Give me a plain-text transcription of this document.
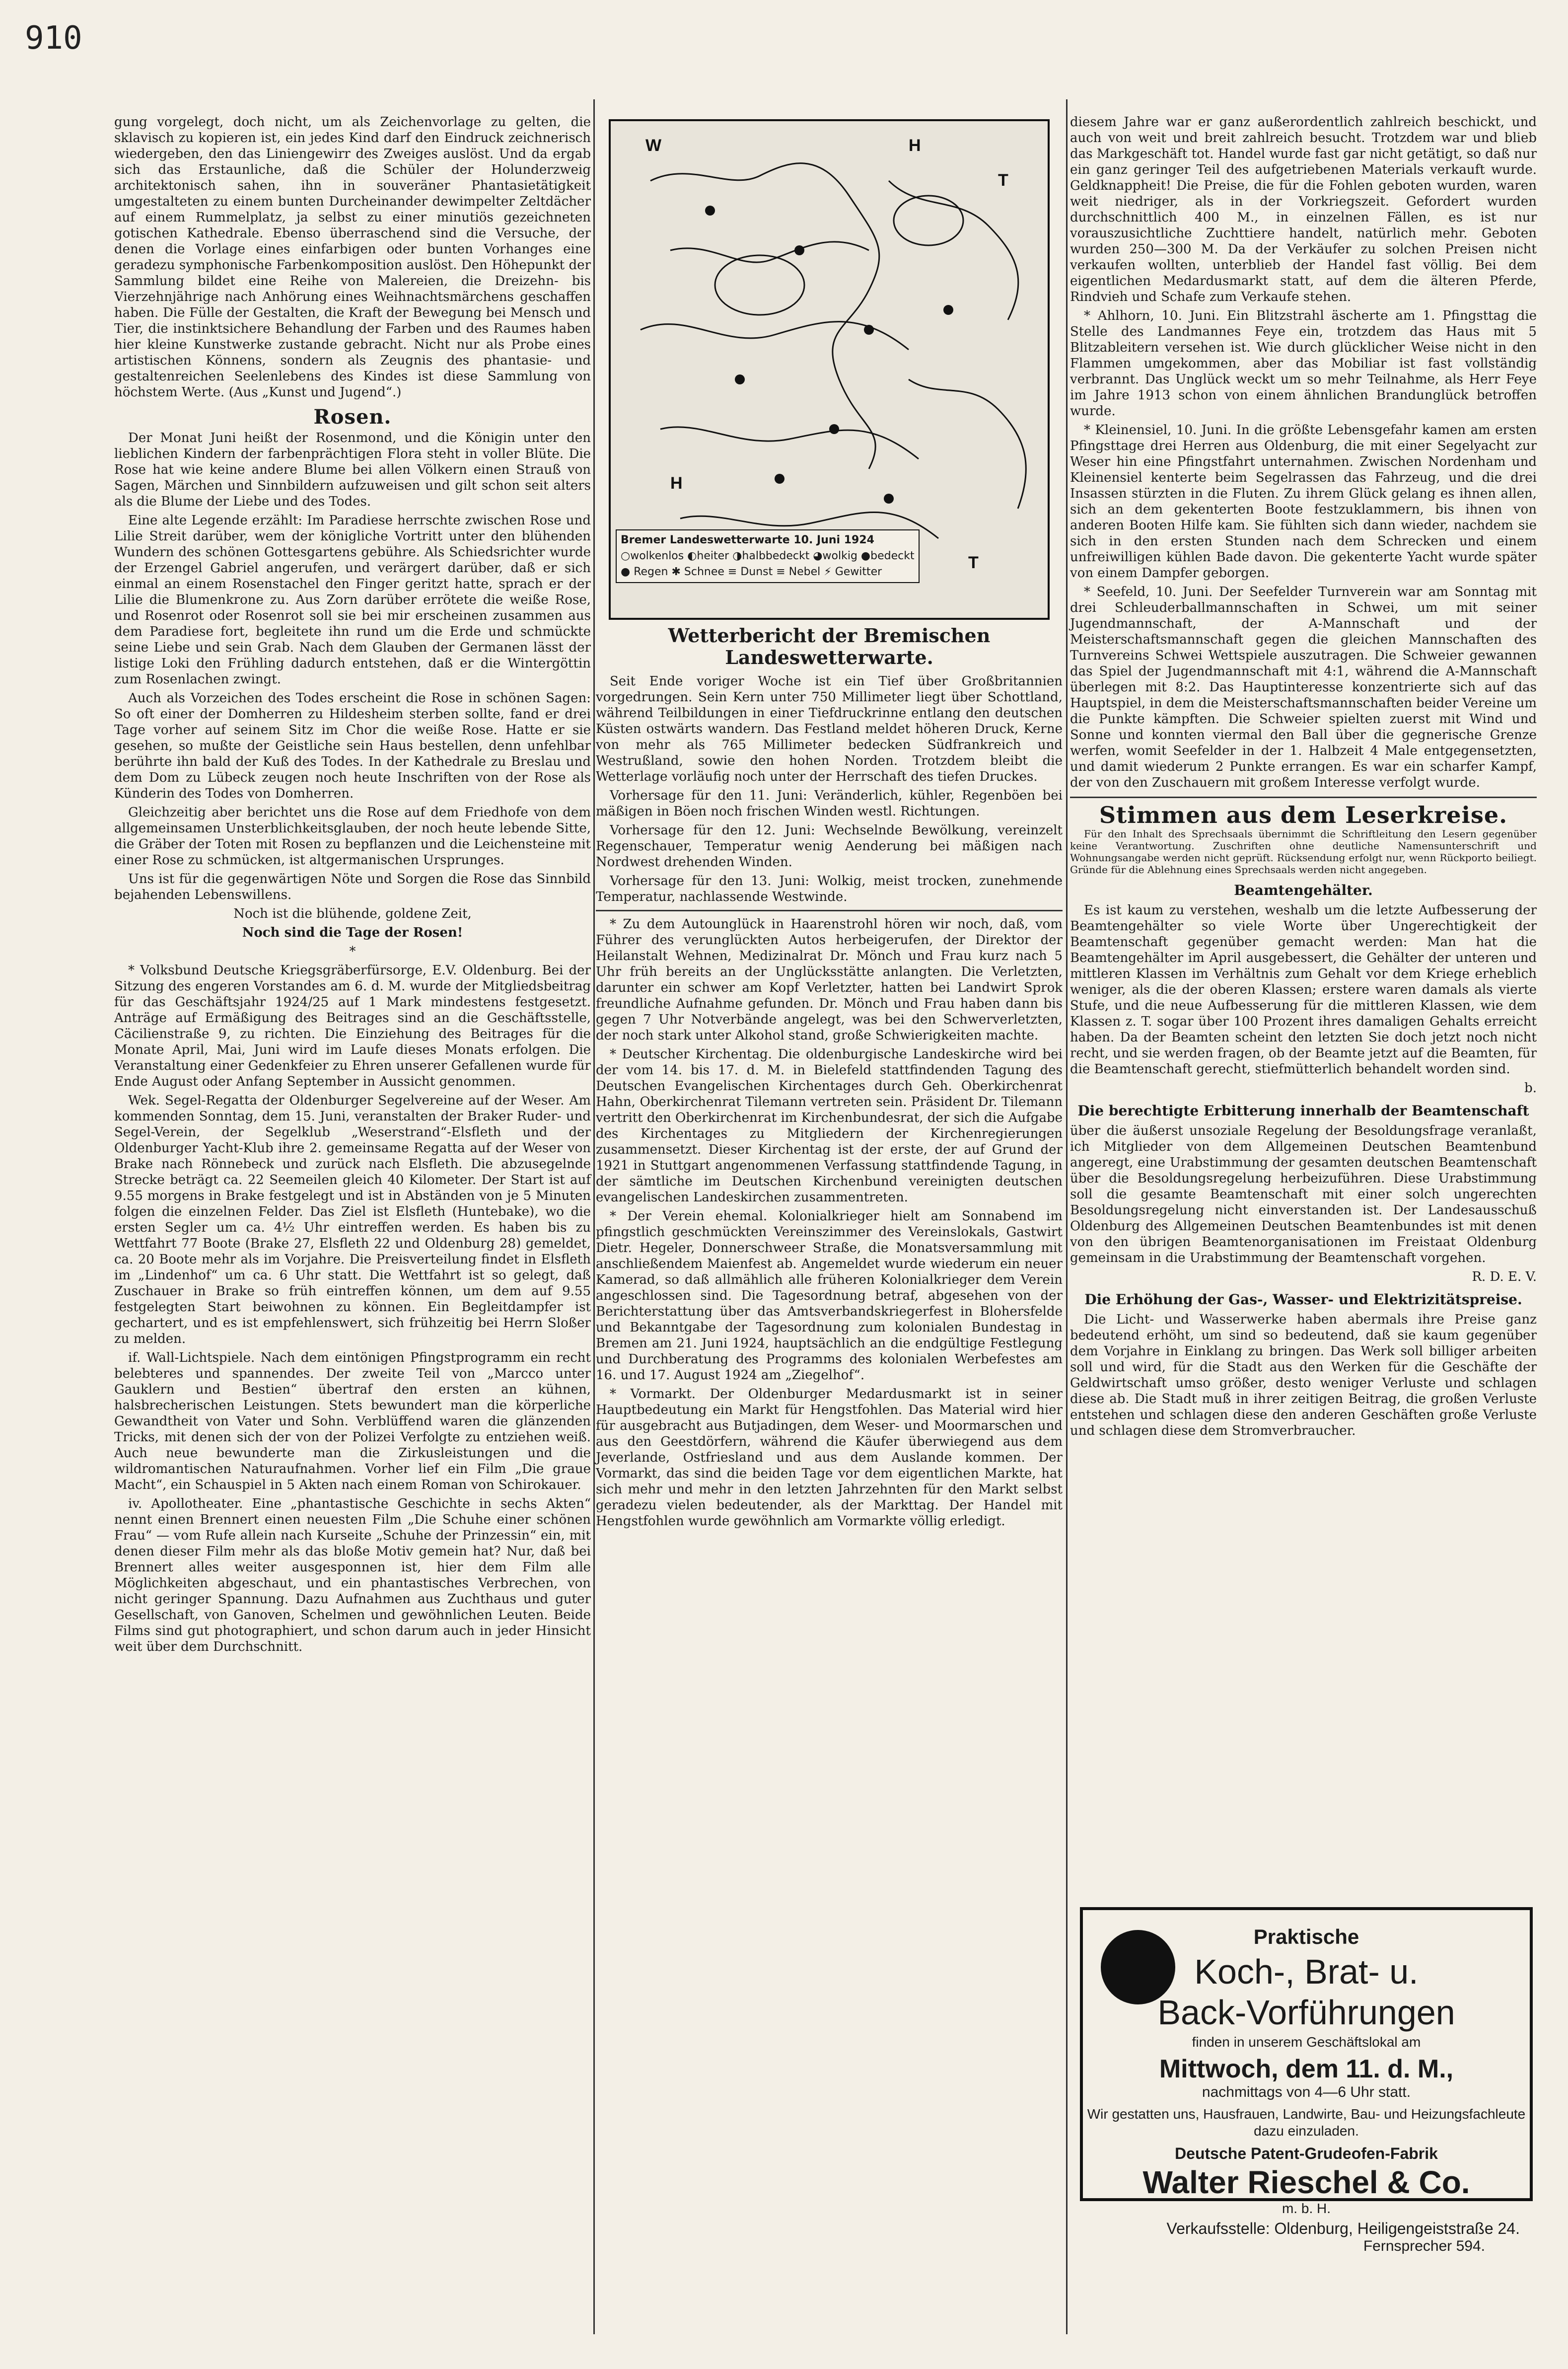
910

gung vorgelegt, doch nicht, um als Zeichenvorlage zu gelten, die sklavisch zu kopieren ist, ein jedes Kind darf den Eindruck zeichnerisch wiedergeben, den das Liniengewirr des Zweiges auslöst. Und da ergab sich das Erstaunliche, daß die Schüler der Holunderzweig architektonisch sahen, ihn in souveräner Phantasietätigkeit umgestalteten zu einem bunten Durcheinander dewimpelter Zeltdächer auf einem Rummelplatz, ja selbst zu einer minutiös gezeichneten gotischen Kathedrale. Ebenso überraschend sind die Versuche, der denen die Vorlage eines einfarbigen oder bunten Vorhanges eine geradezu symphonische Farbenkomposition auslöst. Den Höhepunkt der Sammlung bildet eine Reihe von Malereien, die Dreizehn- bis Vierzehnjährige nach Anhörung eines Weihnachtsmärchens geschaffen haben. Die Fülle der Gestalten, die Kraft der Bewegung bei Mensch und Tier, die instinktsichere Behandlung der Farben und des Raumes haben hier kleine Kunstwerke zustande gebracht. Nicht nur als Probe eines artistischen Könnens, sondern als Zeugnis des phantasie- und gestaltenreichen Seelenlebens des Kindes ist diese Sammlung von höchstem Werte. (Aus „Kunst und Jugend“.)

Rosen.

Der Monat Juni heißt der Rosenmond, und die Königin unter den lieblichen Kindern der farbenprächtigen Flora steht in voller Blüte. Die Rose hat wie keine andere Blume bei allen Völkern einen Strauß von Sagen, Märchen und Sinnbildern aufzuweisen und gilt schon seit alters als die Blume der Liebe und des Todes.

Eine alte Legende erzählt: Im Paradiese herrschte zwischen Rose und Lilie Streit darüber, wem der königliche Vortritt unter den blühenden Wundern des schönen Gottesgartens gebühre. Als Schiedsrichter wurde der Erzengel Gabriel angerufen, und verärgert darüber, daß er sich einmal an einem Rosenstachel den Finger geritzt hatte, sprach er der Lilie die Blumenkrone zu. Aus Zorn darüber errötete die weiße Rose, und Rosenrot oder Rosenrot soll sie bei mir erscheinen zusammen aus dem Paradiese fort, begleitete ihn rund um die Erde und schmückte seine Liebe und sein Grab. Nach dem Glauben der Germanen lässt der listige Loki den Frühling dadurch entstehen, daß er die Wintergöttin zum Rosenlachen zwingt.

Auch als Vorzeichen des Todes erscheint die Rose in schönen Sagen: So oft einer der Domherren zu Hildesheim sterben sollte, fand er drei Tage vorher auf seinem Sitz im Chor die weiße Rose. Hatte er sie gesehen, so mußte der Geistliche sein Haus bestellen, denn unfehlbar berührte ihn bald der Kuß des Todes. In der Kathedrale zu Breslau und dem Dom zu Lübeck zeugen noch heute Inschriften von der Rose als Künderin des Todes von Domherren.

Gleichzeitig aber berichtet uns die Rose auf dem Friedhofe von dem allgemeinsamen Unsterblichkeitsglauben, der noch heute lebende Sitte, die Gräber der Toten mit Rosen zu bepflanzen und die Leichensteine mit einer Rose zu schmücken, ist altgermanischen Ursprunges.

Uns ist für die gegenwärtigen Nöte und Sorgen die Rose das Sinnbild bejahenden Lebenswillens.

Noch ist die blühende, goldene Zeit,

Noch sind die Tage der Rosen!

*

* Volksbund Deutsche Kriegsgräberfürsorge, E.V. Oldenburg. Bei der Sitzung des engeren Vorstandes am 6. d. M. wurde der Mitgliedsbeitrag für das Geschäftsjahr 1924/25 auf 1 Mark mindestens festgesetzt. Anträge auf Ermäßigung des Beitrages sind an die Geschäftsstelle, Cäcilienstraße 9, zu richten. Die Einziehung des Beitrages für die Monate April, Mai, Juni wird im Laufe dieses Monats erfolgen. Die Veranstaltung einer Gedenkfeier zu Ehren unserer Gefallenen wurde für Ende August oder Anfang September in Aussicht genommen.

Wek. Segel-Regatta der Oldenburger Segelvereine auf der Weser. Am kommenden Sonntag, dem 15. Juni, veranstalten der Braker Ruder- und Segel-Verein, der Segelklub „Weserstrand“-Elsfleth und der Oldenburger Yacht-Klub ihre 2. gemeinsame Regatta auf der Weser von Brake nach Rönnebeck und zurück nach Elsfleth. Die abzusegelnde Strecke beträgt ca. 22 Seemeilen gleich 40 Kilometer. Der Start ist auf 9.55 morgens in Brake festgelegt und ist in Abständen von je 5 Minuten folgen die einzelnen Felder. Das Ziel ist Elsfleth (Huntebake), wo die ersten Segler um ca. 4½ Uhr eintreffen werden. Es haben bis zu Wettfahrt 77 Boote (Brake 27, Elsfleth 22 und Oldenburg 28) gemeldet, ca. 20 Boote mehr als im Vorjahre. Die Preisverteilung findet in Elsfleth im „Lindenhof“ um ca. 6 Uhr statt. Die Wettfahrt ist so gelegt, daß Zuschauer in Brake so früh eintreffen können, um dem auf 9.55 festgelegten Start beiwohnen zu können. Ein Begleitdampfer ist gechartert, und es ist empfehlenswert, sich frühzeitig bei Herrn Sloßer zu melden.

if. Wall-Lichtspiele. Nach dem eintönigen Pfingstprogramm ein recht belebteres und spannendes. Der zweite Teil von „Marcco unter Gauklern und Bestien“ übertraf den ersten an kühnen, halsbrecherischen Leistungen. Stets bewundert man die körperliche Gewandtheit von Vater und Sohn. Verblüffend waren die glänzenden Tricks, mit denen sich der von der Polizei Verfolgte zu entziehen weiß. Auch neue bewunderte man die Zirkusleistungen und die wildromantischen Naturaufnahmen. Vorher lief ein Film „Die graue Macht“, ein Schauspiel in 5 Akten nach einem Roman von Schirokauer.

iv. Apollotheater. Eine „phantastische Geschichte in sechs Akten“ nennt einen Brennert einen neuesten Film „Die Schuhe einer schönen Frau“ — vom Rufe allein nach Kurseite „Schuhe der Prinzessin“ ein, mit denen dieser Film mehr als das bloße Motiv gemein hat? Nur, daß bei Brennert alles weiter ausgesponnen ist, hier dem Film alle Möglichkeiten abgeschaut, und ein phantastisches Verbrechen, von nicht geringer Spannung. Dazu Aufnahmen aus Zuchthaus und guter Gesellschaft, von Ganoven, Schelmen und gewöhnlichen Leuten. Beide Films sind gut photographiert, und schon darum auch in jeder Hinsicht weit über dem Durchschnitt.

W	H
T
H
T
Bremer Landeswetterwarte 10. Juni 1924
○wolkenlos ◐heiter ◑halbbedeckt ◕wolkig ●bedeckt
● Regen ✱ Schnee ≡ Dunst ≡ Nebel ⚡ Gewitter
Wetterbericht der Bremischen Landeswetterwarte.

Seit Ende voriger Woche ist ein Tief über Großbritannien vorgedrungen. Sein Kern unter 750 Millimeter liegt über Schottland, während Teilbildungen in einer Tiefdruckrinne entlang den deutschen Küsten ostwärts wandern. Das Festland meldet höheren Druck, Kerne von mehr als 765 Millimeter bedecken Südfrankreich und Westrußland, sowie den hohen Norden. Trotzdem bleibt die Wetterlage vorläufig noch unter der Herrschaft des tiefen Druckes.

Vorhersage für den 11. Juni: Veränderlich, kühler, Regenböen bei mäßigen in Böen noch frischen Winden westl. Richtungen.

Vorhersage für den 12. Juni: Wechselnde Bewölkung, vereinzelt Regenschauer, Temperatur wenig Aenderung bei mäßigen nach Nordwest drehenden Winden.

Vorhersage für den 13. Juni: Wolkig, meist trocken, zunehmende Temperatur, nachlassende Westwinde.

* Zu dem Autounglück in Haarenstrohl hören wir noch, daß, vom Führer des verunglückten Autos herbeigerufen, der Direktor der Heilanstalt Wehnen, Medizinalrat Dr. Mönch und Frau kurz nach 5 Uhr früh bereits an der Unglücksstätte anlangten. Die Verletzten, darunter ein schwer am Kopf Verletzter, hatten bei Landwirt Sprok freundliche Aufnahme gefunden. Dr. Mönch und Frau haben dann bis gegen 7 Uhr Notverbände angelegt, was bei den Schwerverletzten, der noch stark unter Alkohol stand, große Schwierigkeiten machte.

* Deutscher Kirchentag. Die oldenburgische Landeskirche wird bei der vom 14. bis 17. d. M. in Bielefeld stattfindenden Tagung des Deutschen Evangelischen Kirchentages durch Geh. Oberkirchenrat Hahn, Oberkirchenrat Tilemann vertreten sein. Präsident Dr. Tilemann vertritt den Oberkirchenrat im Kirchenbundesrat, der sich die Aufgabe des Kirchentages zu Mitgliedern der Kirchenregierungen zusammensetzt. Dieser Kirchentag ist der erste, der auf Grund der 1921 in Stuttgart angenommenen Verfassung stattfindende Tagung, in der sämtliche im Deutschen Kirchenbund vereinigten deutschen evangelischen Landeskirchen zusammentreten.

* Der Verein ehemal. Kolonialkrieger hielt am Sonnabend im pfingstlich geschmückten Vereinszimmer des Vereinslokals, Gastwirt Dietr. Hegeler, Donnerschweer Straße, die Monatsversammlung mit anschließendem Maienfest ab. Angemeldet wurde wiederum ein neuer Kamerad, so daß allmählich alle früheren Kolonialkrieger dem Verein angeschlossen sind. Die Tagesordnung betraf, abgesehen von der Berichterstattung über das Amtsverbandskriegerfest in Blohersfelde und Bekanntgabe der Tagesordnung zum kolonialen Bundestag in Bremen am 21. Juni 1924, hauptsächlich an die endgültige Festlegung und Durchberatung des Programms des kolonialen Werbefestes am 16. und 17. August 1924 am „Ziegelhof“.

* Vormarkt. Der Oldenburger Medardusmarkt ist in seiner Hauptbedeutung ein Markt für Hengstfohlen. Das Material wird hier für ausgebracht aus Butjadingen, dem Weser- und Moormarschen und aus den Geestdörfern, während die Käufer überwiegend aus dem Jeverlande, Ostfriesland und aus dem Auslande kommen. Der Vormarkt, das sind die beiden Tage vor dem eigentlichen Markte, hat sich mehr und mehr in den letzten Jahrzehnten für den Markt selbst geradezu vielen bedeutender, als der Markttag. Der Handel mit Hengstfohlen wurde gewöhnlich am Vormarkte völlig erledigt.

diesem Jahre war er ganz außerordentlich zahlreich beschickt, und auch von weit und breit zahlreich besucht. Trotzdem war und blieb das Markgeschäft tot. Handel wurde fast gar nicht getätigt, so daß nur ein ganz geringer Teil des aufgetriebenen Materials verkauft wurde. Geldknappheit! Die Preise, die für die Fohlen geboten wurden, waren weit niedriger, als in der Vorkriegszeit. Gefordert wurden durchschnittlich 400 M., in einzelnen Fällen, es ist nur vorauszusichtliche Zuchttiere handelt, natürlich mehr. Geboten wurden 250—300 M. Da der Verkäufer zu solchen Preisen nicht verkaufen wollten, unterblieb der Handel fast völlig. Bei dem eigentlichen Medardusmarkt statt, auf dem die älteren Pferde, Rindvieh und Schafe zum Verkaufe stehen.

* Ahlhorn, 10. Juni. Ein Blitzstrahl äscherte am 1. Pfingsttag die Stelle des Landmannes Feye ein, trotzdem das Haus mit 5 Blitzableitern versehen ist. Wie durch glücklicher Weise nicht in den Flammen umgekommen, aber das Mobiliar ist fast vollständig verbrannt. Das Unglück weckt um so mehr Teilnahme, als Herr Feye im Jahre 1913 schon von einem ähnlichen Brandunglück betroffen wurde.

* Kleinensiel, 10. Juni. In die größte Lebensgefahr kamen am ersten Pfingsttage drei Herren aus Oldenburg, die mit einer Segelyacht zur Weser hin eine Pfingstfahrt unternahmen. Zwischen Nordenham und Kleinensiel kenterte beim Segelrassen das Fahrzeug, und die drei Insassen stürzten in die Fluten. Zu ihrem Glück gelang es ihnen allen, sich an dem gekenterten Boote festzuklammern, bis ihnen von anderen Booten Hilfe kam. Sie fühlten sich dann wieder, nachdem sie sich in den ersten Stunden nach dem Schrecken und einem unfreiwilligen kühlen Bade davon. Die gekenterte Yacht wurde später von einem Dampfer geborgen.

* Seefeld, 10. Juni. Der Seefelder Turnverein war am Sonntag mit drei Schleuderballmannschaften in Schwei, um mit seiner Jugendmannschaft, der A-Mannschaft und der Meisterschaftsmannschaft gegen die gleichen Mannschaften des Turnvereins Schwei Wettspiele auszutragen. Die Schweier gewannen das Spiel der Jugendmannschaft mit 4:1, während die A-Mannschaft überlegen mit 8:2. Das Hauptinteresse konzentrierte sich auf das Hauptspiel, in dem die Meisterschaftsmannschaften beider Vereine um die Punkte kämpften. Die Schweier spielten zuerst mit Wind und Sonne und konnten viermal den Ball über die gegnerische Grenze werfen, womit Seefelder in der 1. Halbzeit 4 Male entgegensetzten, und damit wiederum 2 Punkte errangen. Es war ein scharfer Kampf, der von den Zuschauern mit großem Interesse verfolgt wurde.

Stimmen aus dem Leserkreise.

Für den Inhalt des Sprechsaals übernimmt die Schriftleitung den Lesern gegenüber keine Verantwortung. Zuschriften ohne deutliche Namensunterschrift und Wohnungsangabe werden nicht geprüft. Rücksendung erfolgt nur, wenn Rückporto beiliegt. Gründe für die Ablehnung eines Sprechsaals werden nicht angegeben.

Beamtengehälter.

Es ist kaum zu verstehen, weshalb um die letzte Aufbesserung der Beamtengehälter so viele Worte über Ungerechtigkeit der Beamtenschaft gegenüber gemacht werden: Man hat die Beamtengehälter im April ausgebessert, die Gehälter der unteren und mittleren Klassen im Verhältnis zum Gehalt vor dem Kriege erheblich weniger, als die der oberen Klassen; erstere waren damals als vierte Stufe, und die neue Aufbesserung für die mittleren Klassen, wie dem Klassen z. T. sogar über 100 Prozent ihres damaligen Gehalts erreicht haben. Da der Beamten scheint den letzten Sie doch jetzt noch nicht recht, und sie werden fragen, ob der Beamte jetzt auf die Beamten, für die Beamtenschaft gerecht, stiefmütterlich behandelt worden sind.

b.

Die berechtigte Erbitterung innerhalb der Beamtenschaft

über die äußerst unsoziale Regelung der Besoldungsfrage veranlaßt, ich Mitglieder von dem Allgemeinen Deutschen Beamtenbund angeregt, eine Urabstimmung der gesamten deutschen Beamtenschaft über die Besoldungsregelung herbeizuführen. Diese Urabstimmung soll die gesamte Beamtenschaft mit einer solch ungerechten Besoldungsregelung nicht einverstanden ist. Der Landesausschuß Oldenburg des Allgemeinen Deutschen Beamtenbundes ist mit denen von den übrigen Beamtenorganisationen im Freistaat Oldenburg gemeinsam in die Urabstimmung der Beamtenschaft vorgehen.

R. D. E. V.

Die Erhöhung der Gas-, Wasser- und Elektrizitätspreise.

Die Licht- und Wasserwerke haben abermals ihre Preise ganz bedeutend erhöht, um sind so bedeutend, daß sie kaum gegenüber dem Vorjahre in Einklang zu bringen. Das Werk soll billiger arbeiten soll und wird, für die Stadt aus den Werken für die Geschäfte der Geldwirtschaft umso größer, desto weniger Verluste und schlagen diese ab. Die Stadt muß in ihrer zeitigen Beitrag, die großen Verluste entstehen und schlagen diese den anderen Geschäften große Verluste und schlagen diese dem Stromverbraucher.

Praktische
Koch-, Brat- u.
Back-Vorführungen
finden in unserem Geschäftslokal am
Mittwoch, dem 11. d. M.,
nachmittags von 4—6 Uhr statt.
Wir gestatten uns, Hausfrauen, Landwirte, Bau- und Heizungsfachleute dazu einzuladen.
Deutsche Patent-Grudeofen-Fabrik
Walter Rieschel & Co.
m. b. H.
Verkaufsstelle: Oldenburg, Heiligengeiststraße 24.
Fernsprecher 594.
